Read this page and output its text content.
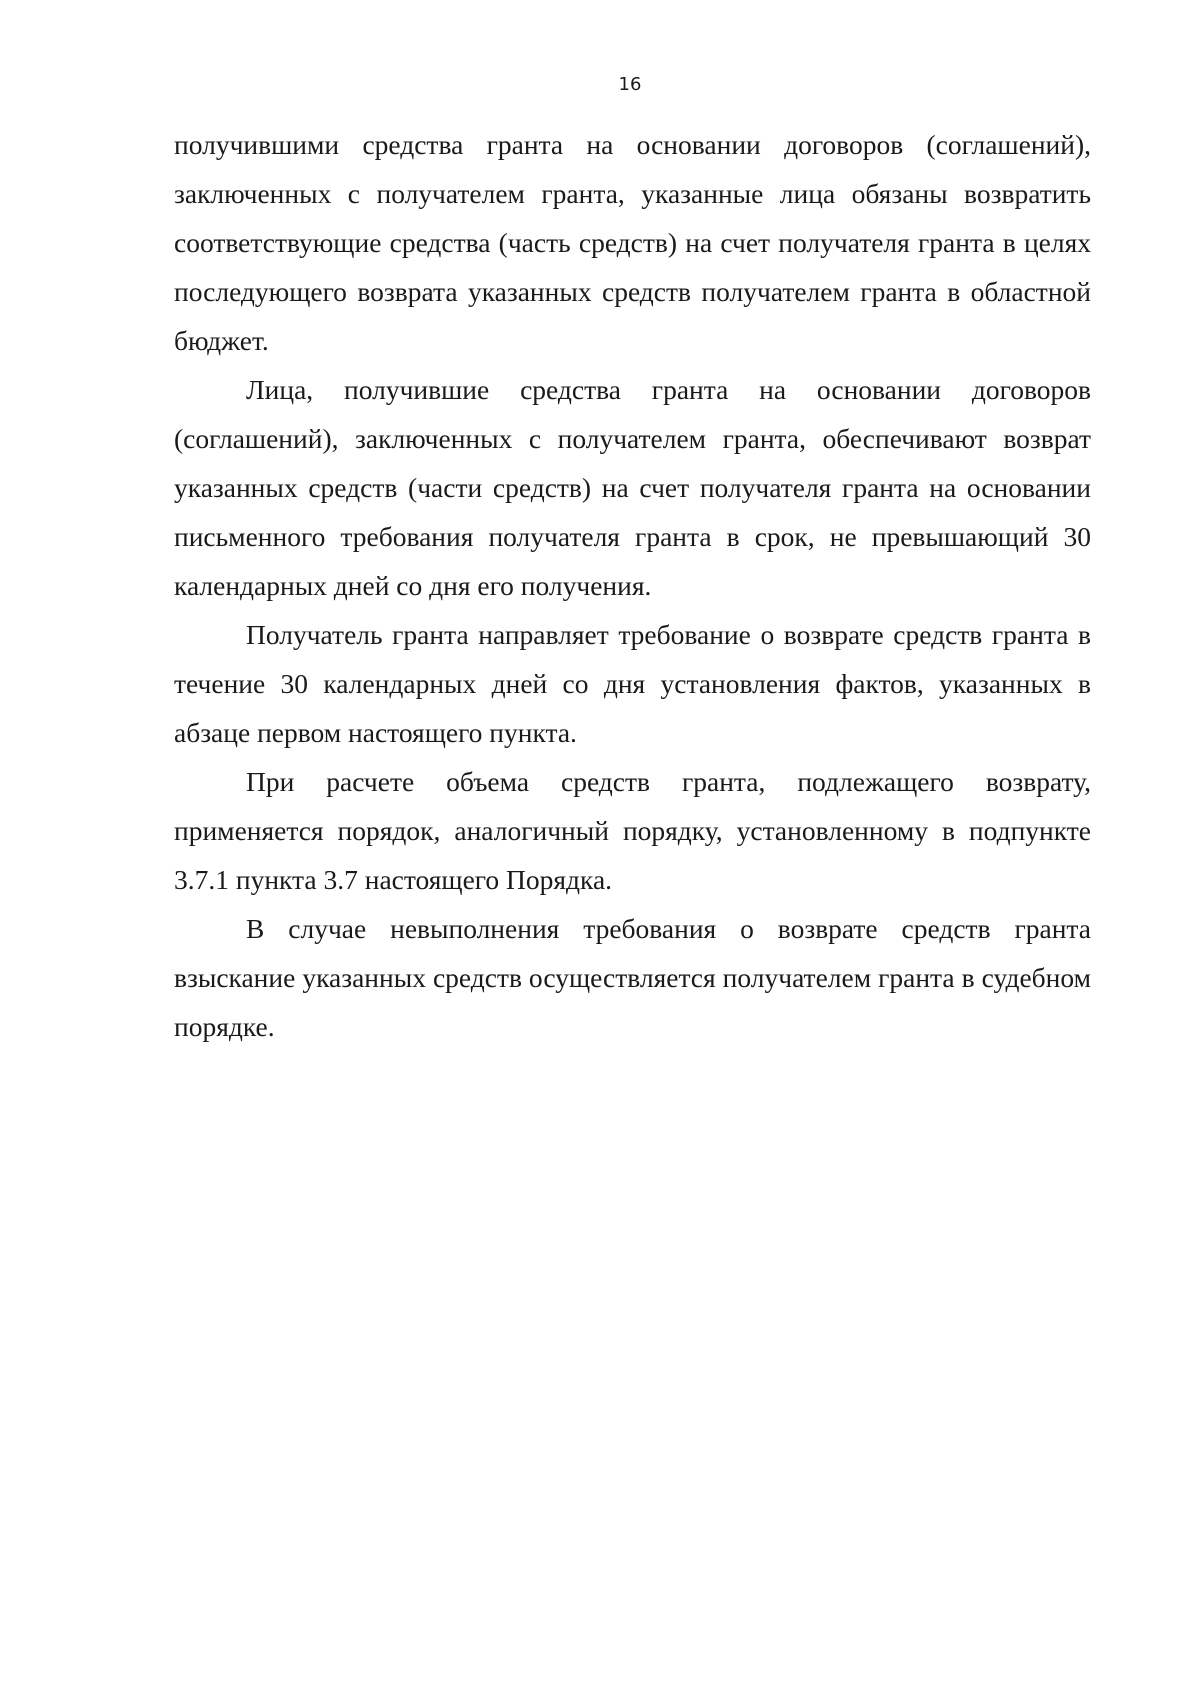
16

получившими средства гранта на основании договоров (соглашений), заключенных с получателем гранта, указанные лица обязаны возвратить соответствующие средства (часть средств) на счет получателя гранта в целях последующего возврата указанных средств получателем гранта в областной бюджет.

Лица, получившие средства гранта на основании договоров (соглашений), заключенных с получателем гранта, обеспечивают возврат указанных средств (части средств) на счет получателя гранта на основании письменного требования получателя гранта в срок, не превышающий 30 календарных дней со дня его получения.

Получатель гранта направляет требование о возврате средств гранта в течение 30 календарных дней со дня установления фактов, указанных в абзаце первом настоящего пункта.

При расчете объема средств гранта, подлежащего возврату, применяется порядок, аналогичный порядку, установленному в подпункте 3.7.1 пункта 3.7 настоящего Порядка.

В случае невыполнения требования о возврате средств гранта взыскание указанных средств осуществляется получателем гранта в судебном порядке.
